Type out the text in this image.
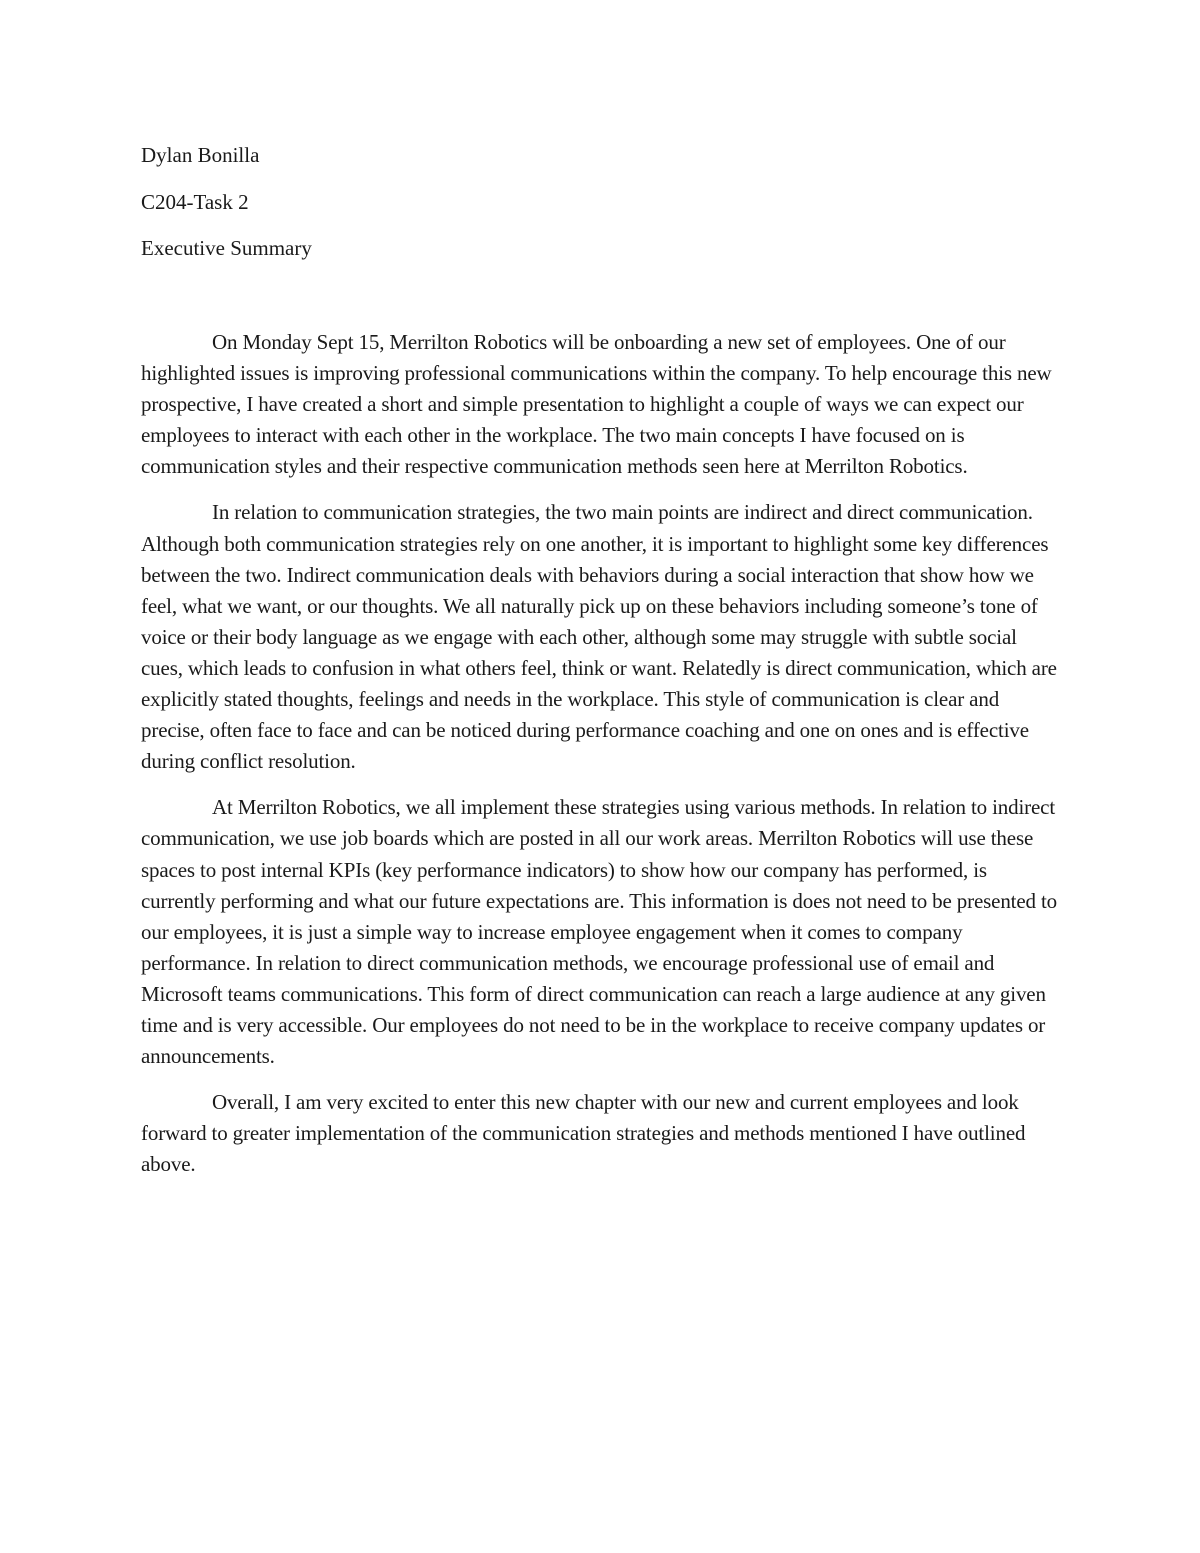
Dylan Bonilla
C204-Task 2
Executive Summary

On Monday Sept 15, Merrilton Robotics will be onboarding a new set of employees. One of our highlighted issues is improving professional communications within the company. To help encourage this new prospective, I have created a short and simple presentation to highlight a couple of ways we can expect our employees to interact with each other in the workplace. The two main concepts I have focused on is communication styles and their respective communication methods seen here at Merrilton Robotics.

In relation to communication strategies, the two main points are indirect and direct communication. Although both communication strategies rely on one another, it is important to highlight some key differences between the two. Indirect communication deals with behaviors during a social interaction that show how we feel, what we want, or our thoughts. We all naturally pick up on these behaviors including someone’s tone of voice or their body language as we engage with each other, although some may struggle with subtle social cues, which leads to confusion in what others feel, think or want. Relatedly is direct communication, which are explicitly stated thoughts, feelings and needs in the workplace. This style of communication is clear and precise, often face to face and can be noticed during performance coaching and one on ones and is effective during conflict resolution.

At Merrilton Robotics, we all implement these strategies using various methods. In relation to indirect communication, we use job boards which are posted in all our work areas. Merrilton Robotics will use these spaces to post internal KPIs (key performance indicators) to show how our company has performed, is currently performing and what our future expectations are. This information is does not need to be presented to our employees, it is just a simple way to increase employee engagement when it comes to company performance. In relation to direct communication methods, we encourage professional use of email and Microsoft teams communications. This form of direct communication can reach a large audience at any given time and is very accessible. Our employees do not need to be in the workplace to receive company updates or announcements.

Overall, I am very excited to enter this new chapter with our new and current employees and look forward to greater implementation of the communication strategies and methods mentioned I have outlined above.
